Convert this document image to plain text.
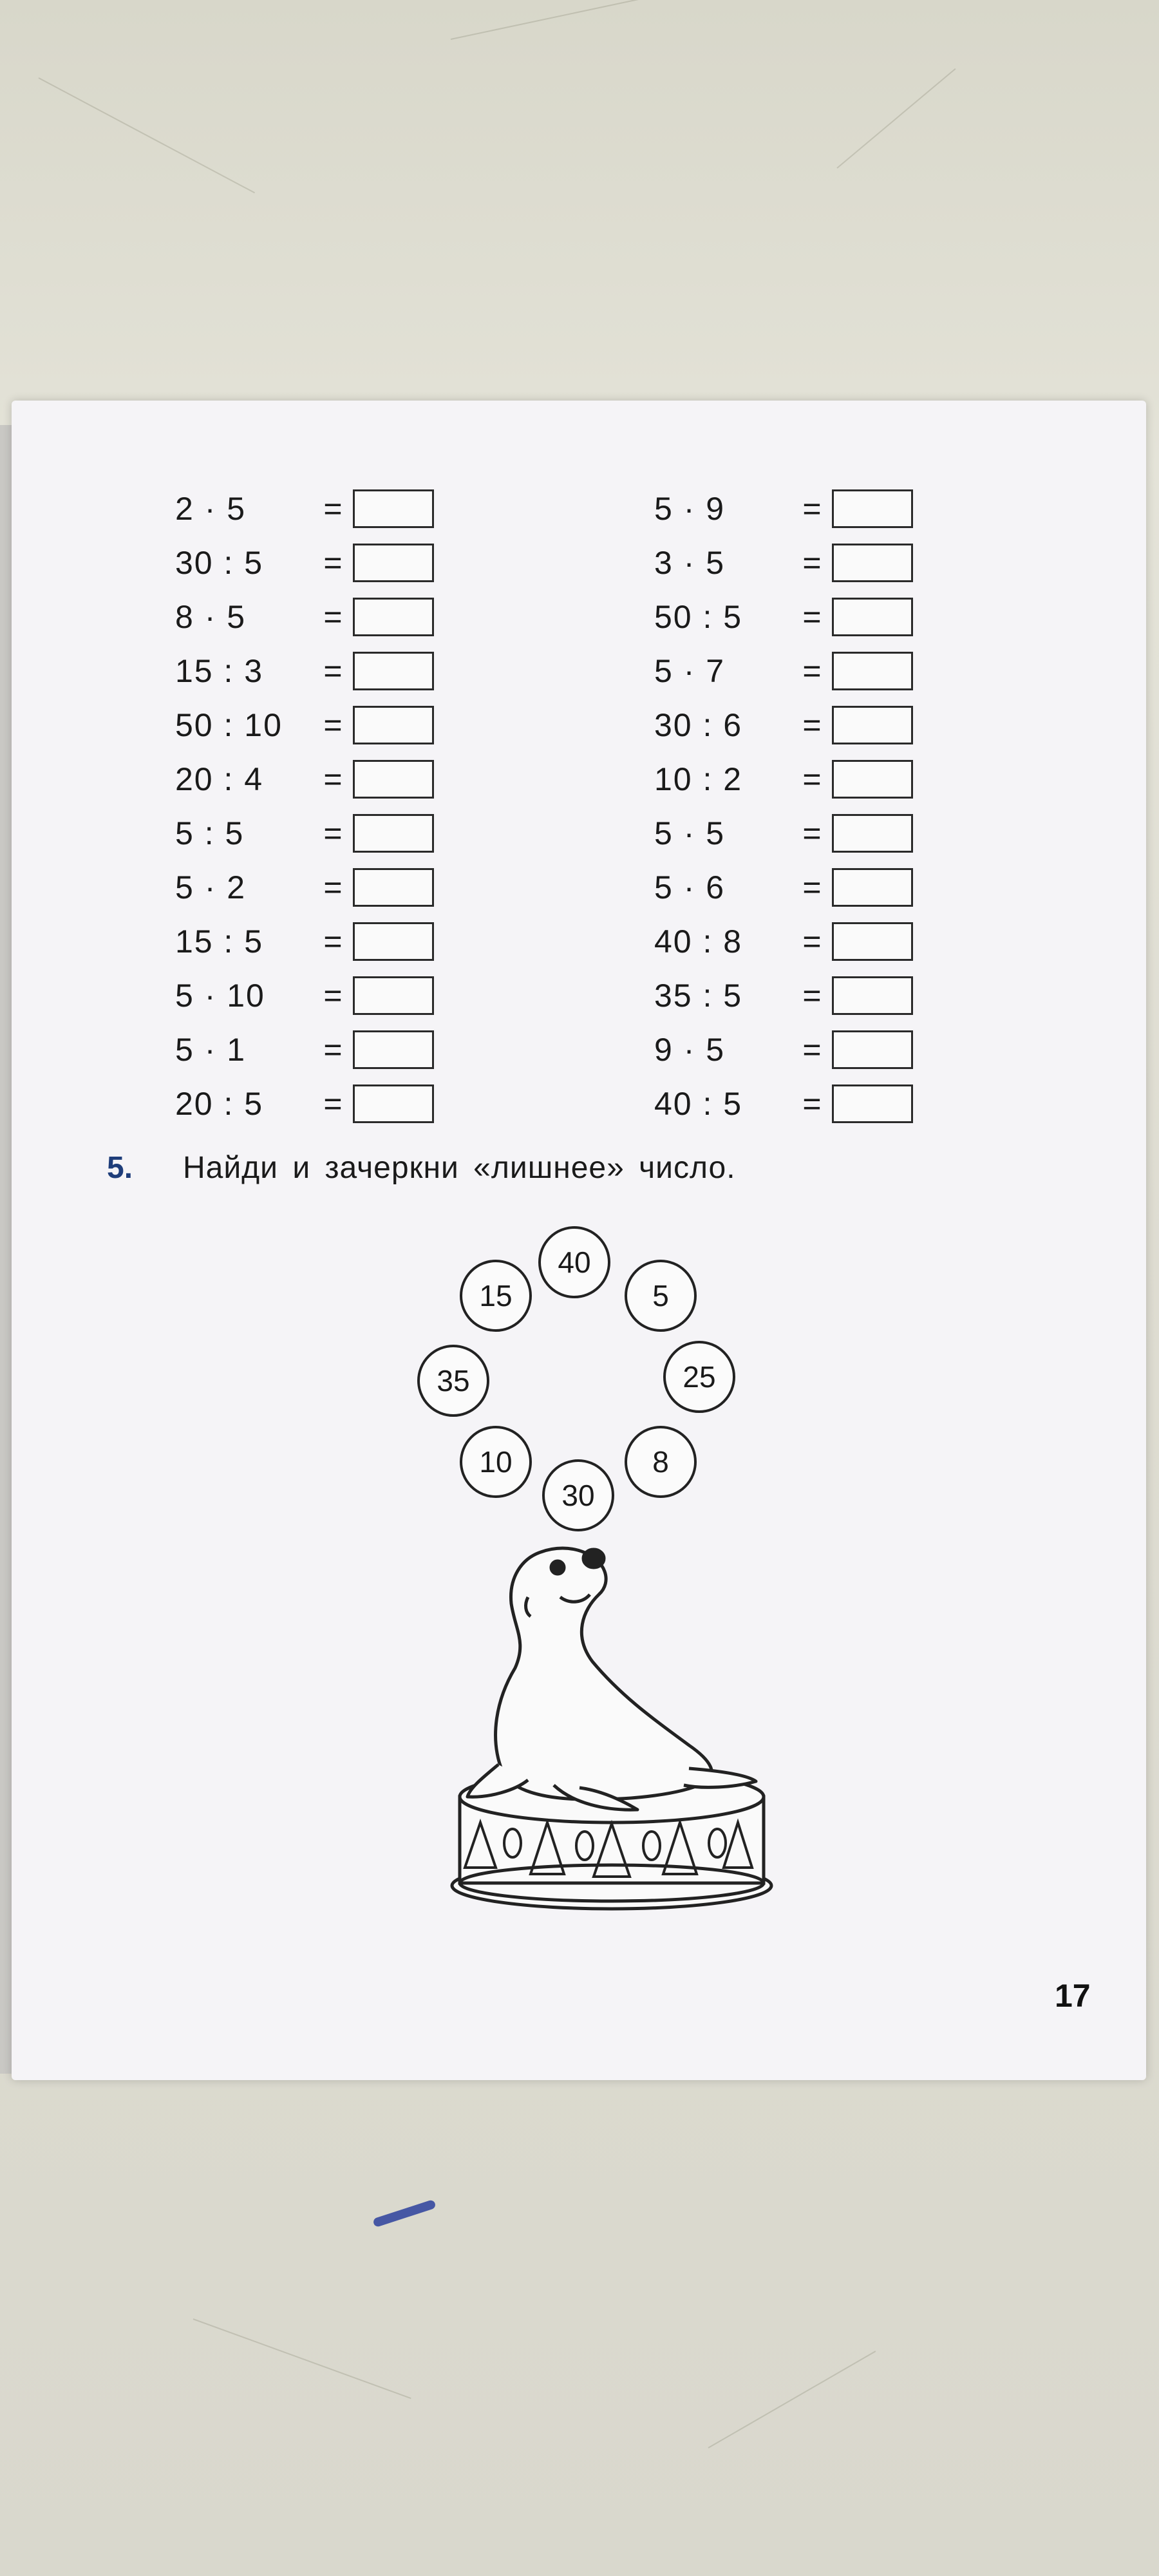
2 · 5	=
30 : 5	=
8 · 5	=
15 : 3	=
50 : 10	=
20 : 4	=
5 : 5	=
5 · 2	=
15 : 5	=
5 · 10	=
5 · 1	=
20 : 5	=
5 · 9	=
3 · 5	=
50 : 5	=
5 · 7	=
30 : 6	=
10 : 2	=
5 · 5	=
5 · 6	=
40 : 8	=
35 : 5	=
9 · 5	=
40 : 5	=
5.	Найди и зачеркни «лишнее» число.
40
15	5
35	25
10	8
30
17
